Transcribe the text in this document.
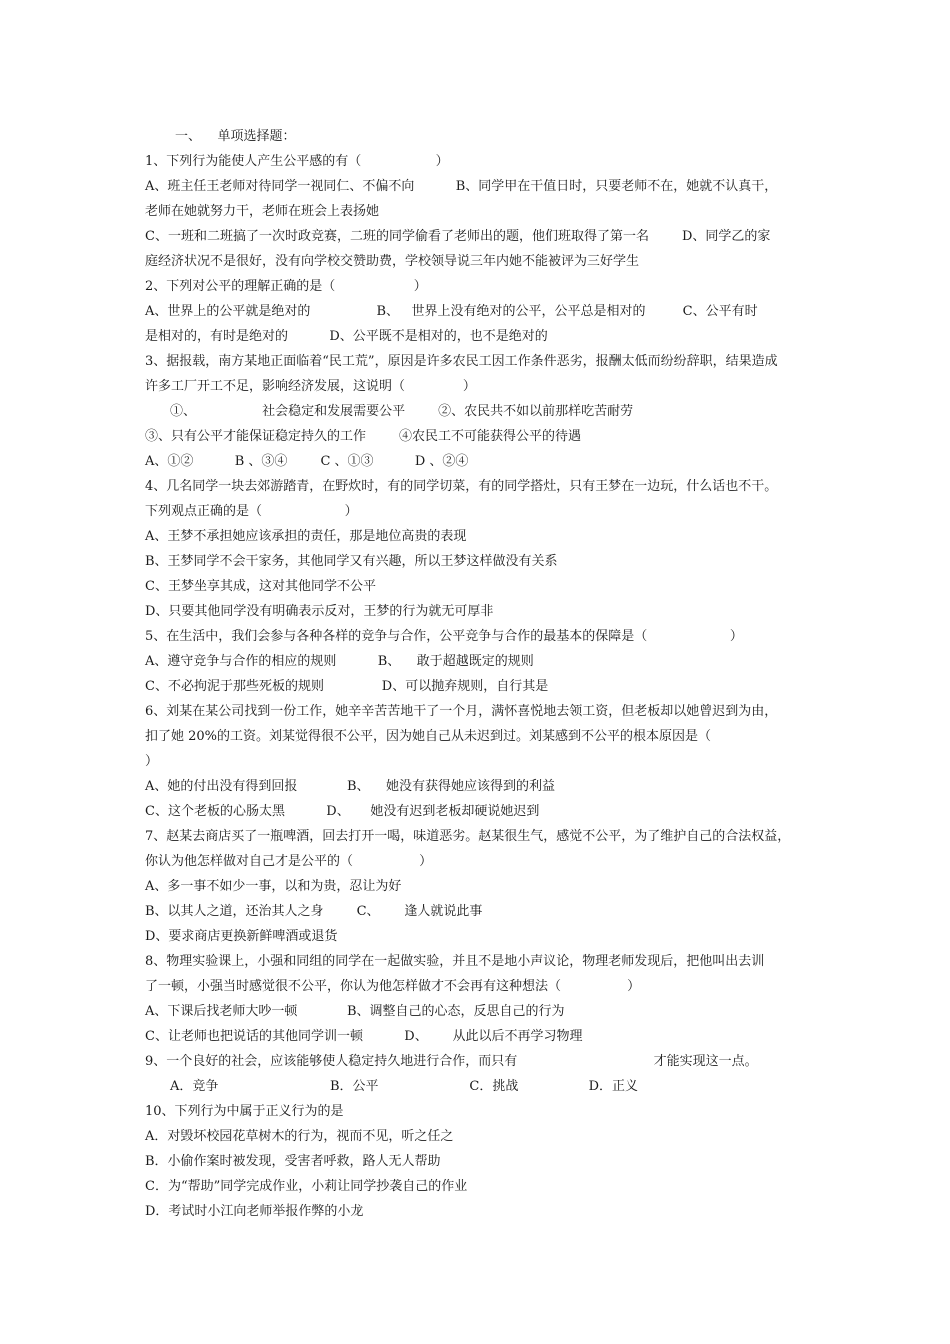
一、    单项选择题：
1、下列行为能使人产生公平感的有（                  ）
A、班主任王老师对待同学一视同仁、不偏不向          B、同学甲在干值日时，只要老师不在，她就不认真干，
老师在她就努力干，老师在班会上表扬她
C、一班和二班搞了一次时政竞赛，二班的同学偷看了老师出的题，他们班取得了第一名        D、同学乙的家
庭经济状况不是很好，没有向学校交赞助费，学校领导说三年内她不能被评为三好学生
2、下列对公平的理解正确的是（                   ）
A、世界上的公平就是绝对的                B、   世界上没有绝对的公平，公平总是相对的         C、公平有时
是相对的，有时是绝对的          D、公平既不是相对的，也不是绝对的
3、据报载，南方某地正面临着“民工荒”，原因是许多农民工因工作条件恶劣，报酬太低而纷纷辞职，结果造成
许多工厂开工不足，影响经济发展，这说明（              ）
①、                社会稳定和发展需要公平        ②、农民共不如以前那样吃苦耐劳
③、只有公平才能保证稳定持久的工作        ④农民工不可能获得公平的待遇
A、①②          B 、③④        C 、①③          D 、②④
4、几名同学一块去郊游踏青，在野炊时，有的同学切菜，有的同学搭灶，只有王梦在一边玩，什么话也不干。
下列观点正确的是（                    ）
A、王梦不承担她应该承担的责任，那是地位高贵的表现
B、王梦同学不会干家务，其他同学又有兴趣，所以王梦这样做没有关系
C、王梦坐享其成，这对其他同学不公平
D、只要其他同学没有明确表示反对，王梦的行为就无可厚非
5、在生活中，我们会参与各种各样的竞争与合作，公平竞争与合作的最基本的保障是（                    ）
A、遵守竞争与合作的相应的规则          B、    敢于超越既定的规则
C、不必拘泥于那些死板的规则              D、可以抛弃规则，自行其是
6、刘某在某公司找到一份工作，她辛辛苦苦地干了一个月，满怀喜悦地去领工资，但老板却以她曾迟到为由，
扣了她 20%的工资。刘某觉得很不公平，因为她自己从未迟到过。刘某感到不公平的根本原因是（
）
A、她的付出没有得到回报            B、    她没有获得她应该得到的利益
C、这个老板的心肠太黑          D、     她没有迟到老板却硬说她迟到
7、赵某去商店买了一瓶啤酒，回去打开一喝，味道恶劣。赵某很生气，感觉不公平，为了维护自己的合法权益，
你认为他怎样做对自己才是公平的（                ）
A、多一事不如少一事，以和为贵，忍让为好
B、以其人之道，还治其人之身        C、      逢人就说此事
D、要求商店更换新鲜啤酒或退货
8、物理实验课上，小强和同组的同学在一起做实验，并且不是地小声议论，物理老师发现后，把他叫出去训
了一顿，小强当时感觉很不公平，你认为他怎样做才不会再有这种想法（                ）
A、下课后找老师大吵一顿            B、调整自己的心态，反思自己的行为
C、让老师也把说话的其他同学训一顿          D、      从此以后不再学习物理
9、一个良好的社会，应该能够使人稳定持久地进行合作，而只有                                 才能实现这一点。
A．竞争                           B．公平                      C．挑战                 D．正义
10、下列行为中属于正义行为的是
A．对毁坏校园花草树木的行为，视而不见，听之任之
B．小偷作案时被发现，受害者呼救，路人无人帮助
C．为“帮助”同学完成作业，小莉让同学抄袭自己的作业
D．考试时小江向老师举报作弊的小龙
